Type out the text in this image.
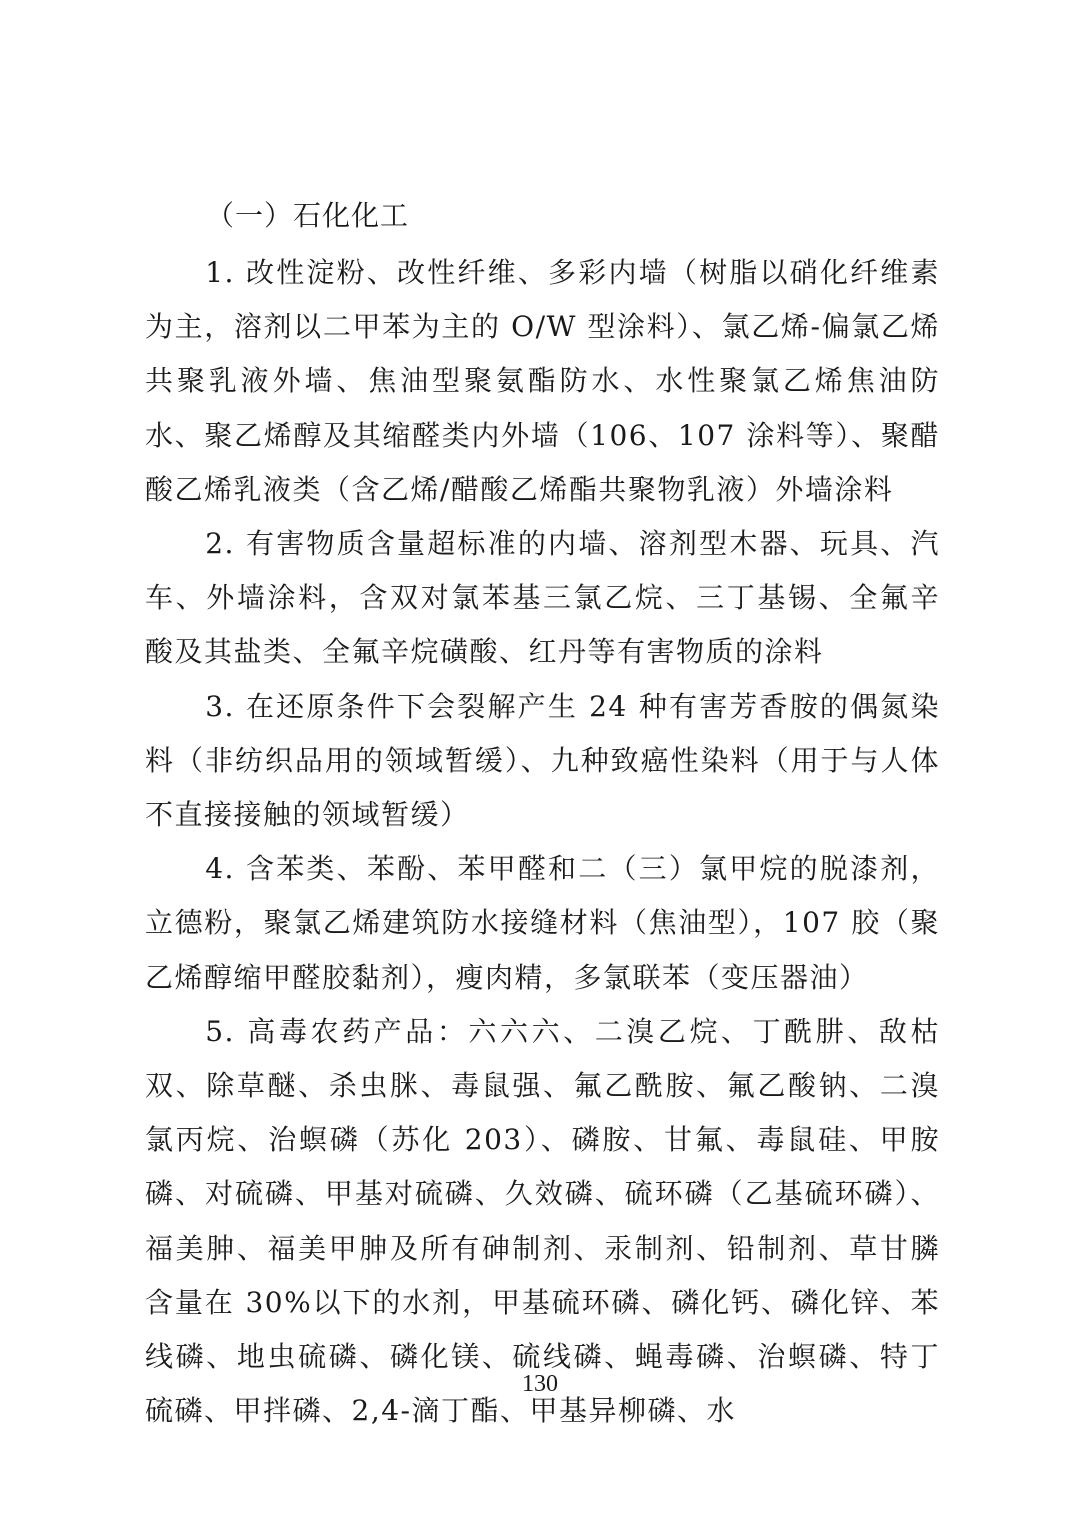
（一）石化化工

1. 改性淀粉、改性纤维、多彩内墙（树脂以硝化纤维素为主，溶剂以二甲苯为主的 O/W 型涂料）、氯乙烯-偏氯乙烯共聚乳液外墙、焦油型聚氨酯防水、水性聚氯乙烯焦油防水、聚乙烯醇及其缩醛类内外墙（106、107 涂料等）、聚醋酸乙烯乳液类（含乙烯/醋酸乙烯酯共聚物乳液）外墙涂料

2. 有害物质含量超标准的内墙、溶剂型木器、玩具、汽车、外墙涂料，含双对氯苯基三氯乙烷、三丁基锡、全氟辛酸及其盐类、全氟辛烷磺酸、红丹等有害物质的涂料

3. 在还原条件下会裂解产生 24 种有害芳香胺的偶氮染料（非纺织品用的领域暂缓）、九种致癌性染料（用于与人体不直接接触的领域暂缓）

4. 含苯类、苯酚、苯甲醛和二（三）氯甲烷的脱漆剂，立德粉，聚氯乙烯建筑防水接缝材料（焦油型），107 胶（聚乙烯醇缩甲醛胶黏剂），瘦肉精，多氯联苯（变压器油）

5. 高毒农药产品：六六六、二溴乙烷、丁酰肼、敌枯双、除草醚、杀虫脒、毒鼠强、氟乙酰胺、氟乙酸钠、二溴氯丙烷、治螟磷（苏化 203）、磷胺、甘氟、毒鼠硅、甲胺磷、对硫磷、甲基对硫磷、久效磷、硫环磷（乙基硫环磷）、福美胂、福美甲胂及所有砷制剂、汞制剂、铅制剂、草甘膦含量在 30%以下的水剂，甲基硫环磷、磷化钙、磷化锌、苯线磷、地虫硫磷、磷化镁、硫线磷、蝇毒磷、治螟磷、特丁硫磷、甲拌磷、2,4-滴丁酯、甲基异柳磷、水

130
